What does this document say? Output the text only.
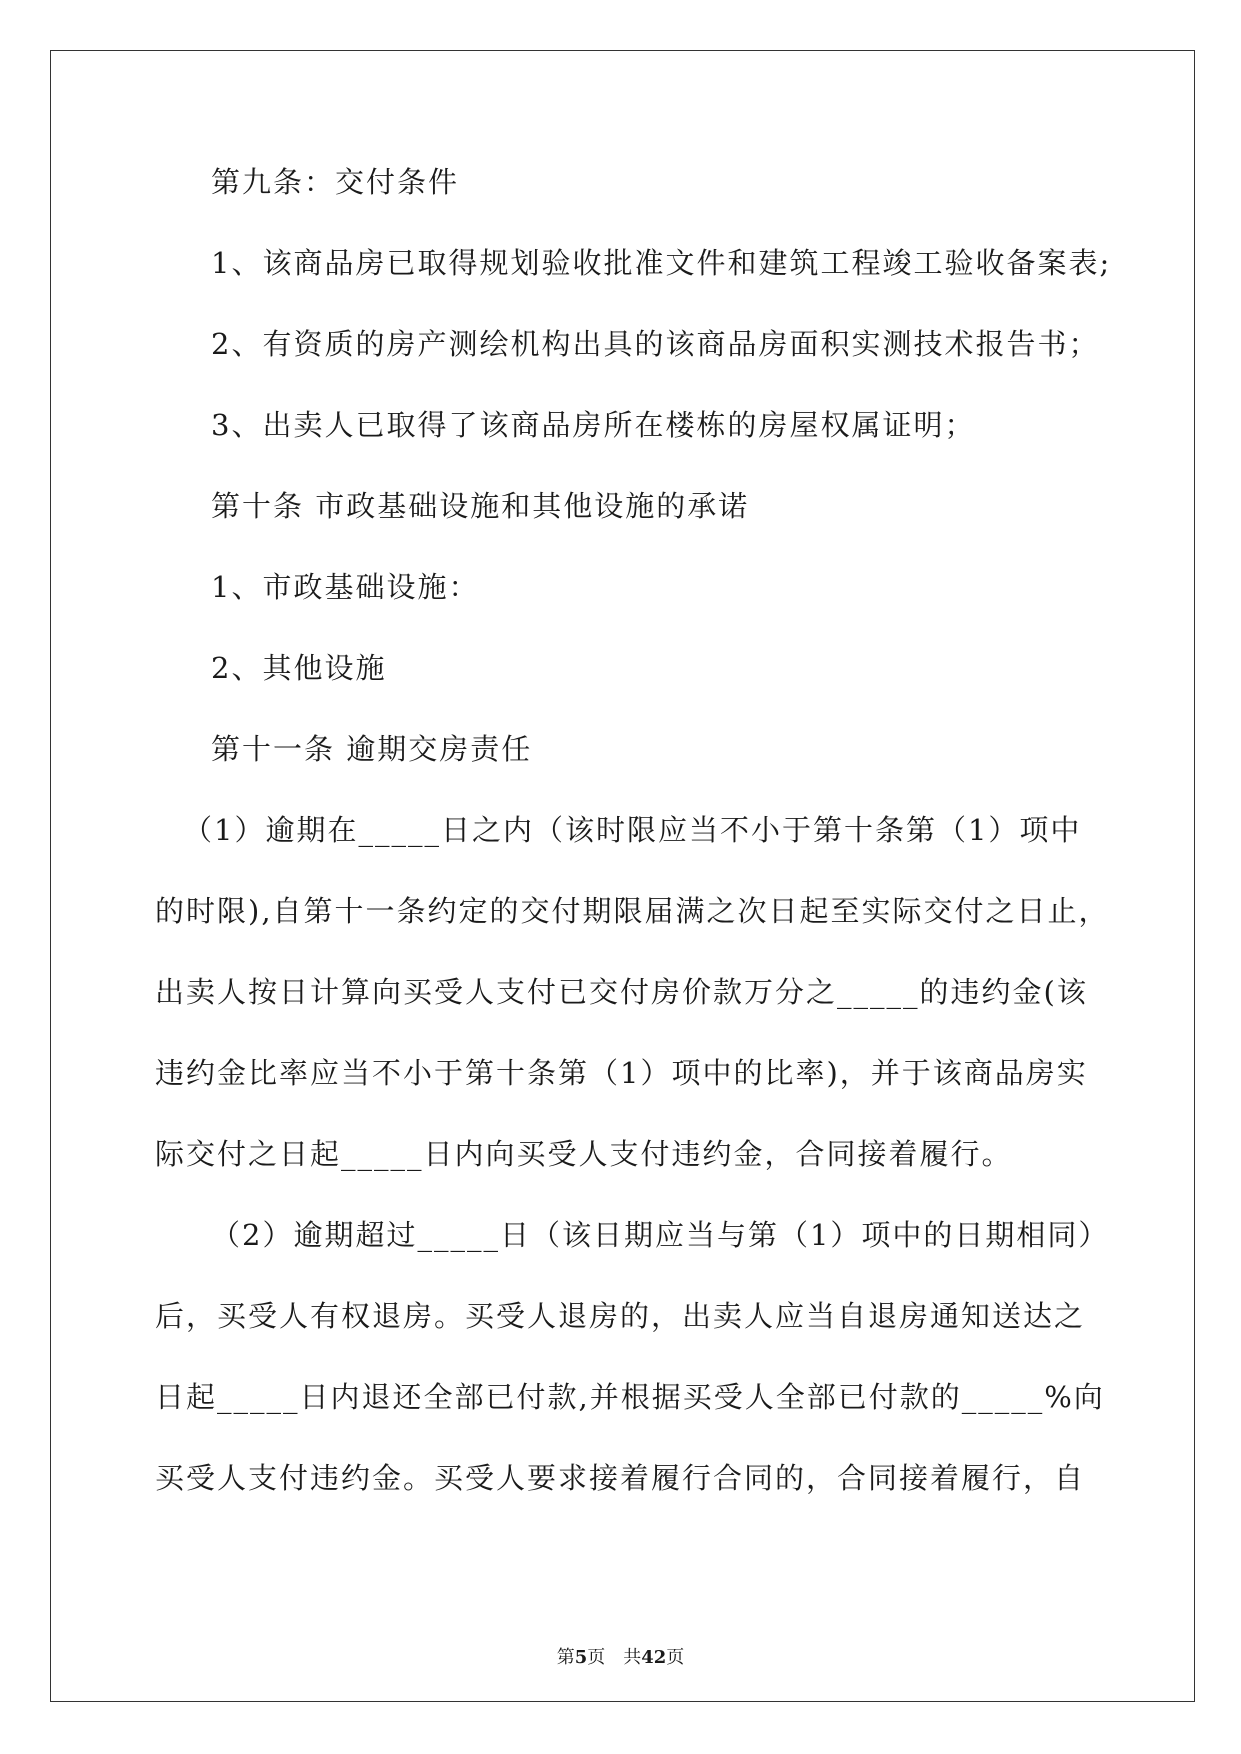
第九条：交付条件

1、该商品房已取得规划验收批准文件和建筑工程竣工验收备案表;

2、有资质的房产测绘机构出具的该商品房面积实测技术报告书；

3、出卖人已取得了该商品房所在楼栋的房屋权属证明；

第十条 市政基础设施和其他设施的承诺

1、市政基础设施：

2、其他设施

第十一条 逾期交房责任

（1）逾期在_____日之内（该时限应当不小于第十条第（1）项中

的时限),自第十一条约定的交付期限届满之次日起至实际交付之日止，

出卖人按日计算向买受人支付已交付房价款万分之_____的违约金(该

违约金比率应当不小于第十条第（1）项中的比率)，并于该商品房实

际交付之日起_____日内向买受人支付违约金，合同接着履行。

（2）逾期超过_____日（该日期应当与第（1）项中的日期相同）

后，买受人有权退房。买受人退房的，出卖人应当自退房通知送达之

日起_____日内退还全部已付款,并根据买受人全部已付款的_____%向

买受人支付违约金。买受人要求接着履行合同的，合同接着履行，自

第5页 共42页
